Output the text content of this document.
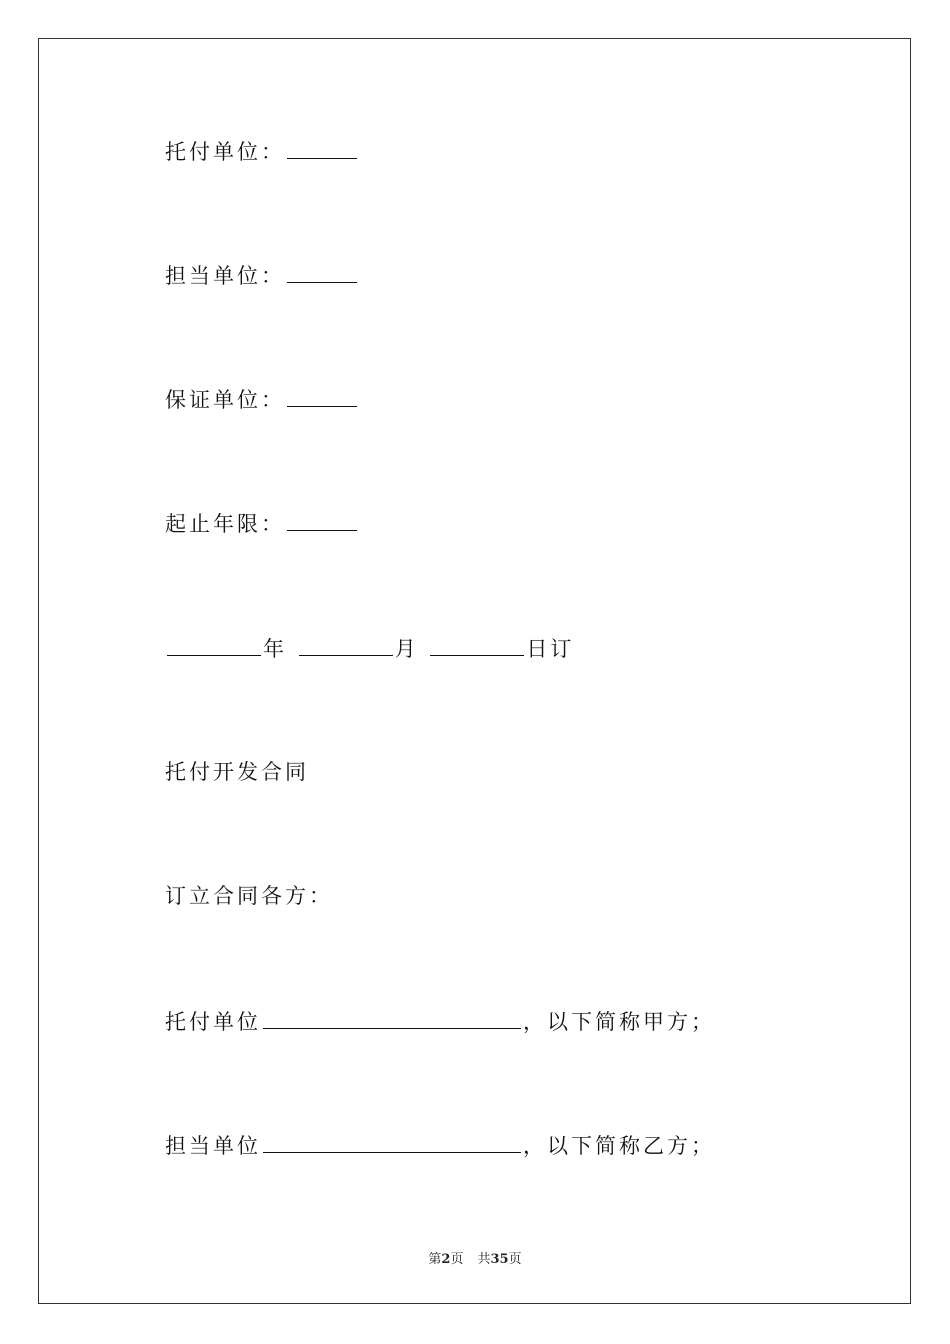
托付单位：
担当单位：
保证单位：
起止年限：
年	月	日订
托付开发合同
订立合同各方：
托付单位	，以下简称甲方；
担当单位	，以下简称乙方；
第2页 共35页
